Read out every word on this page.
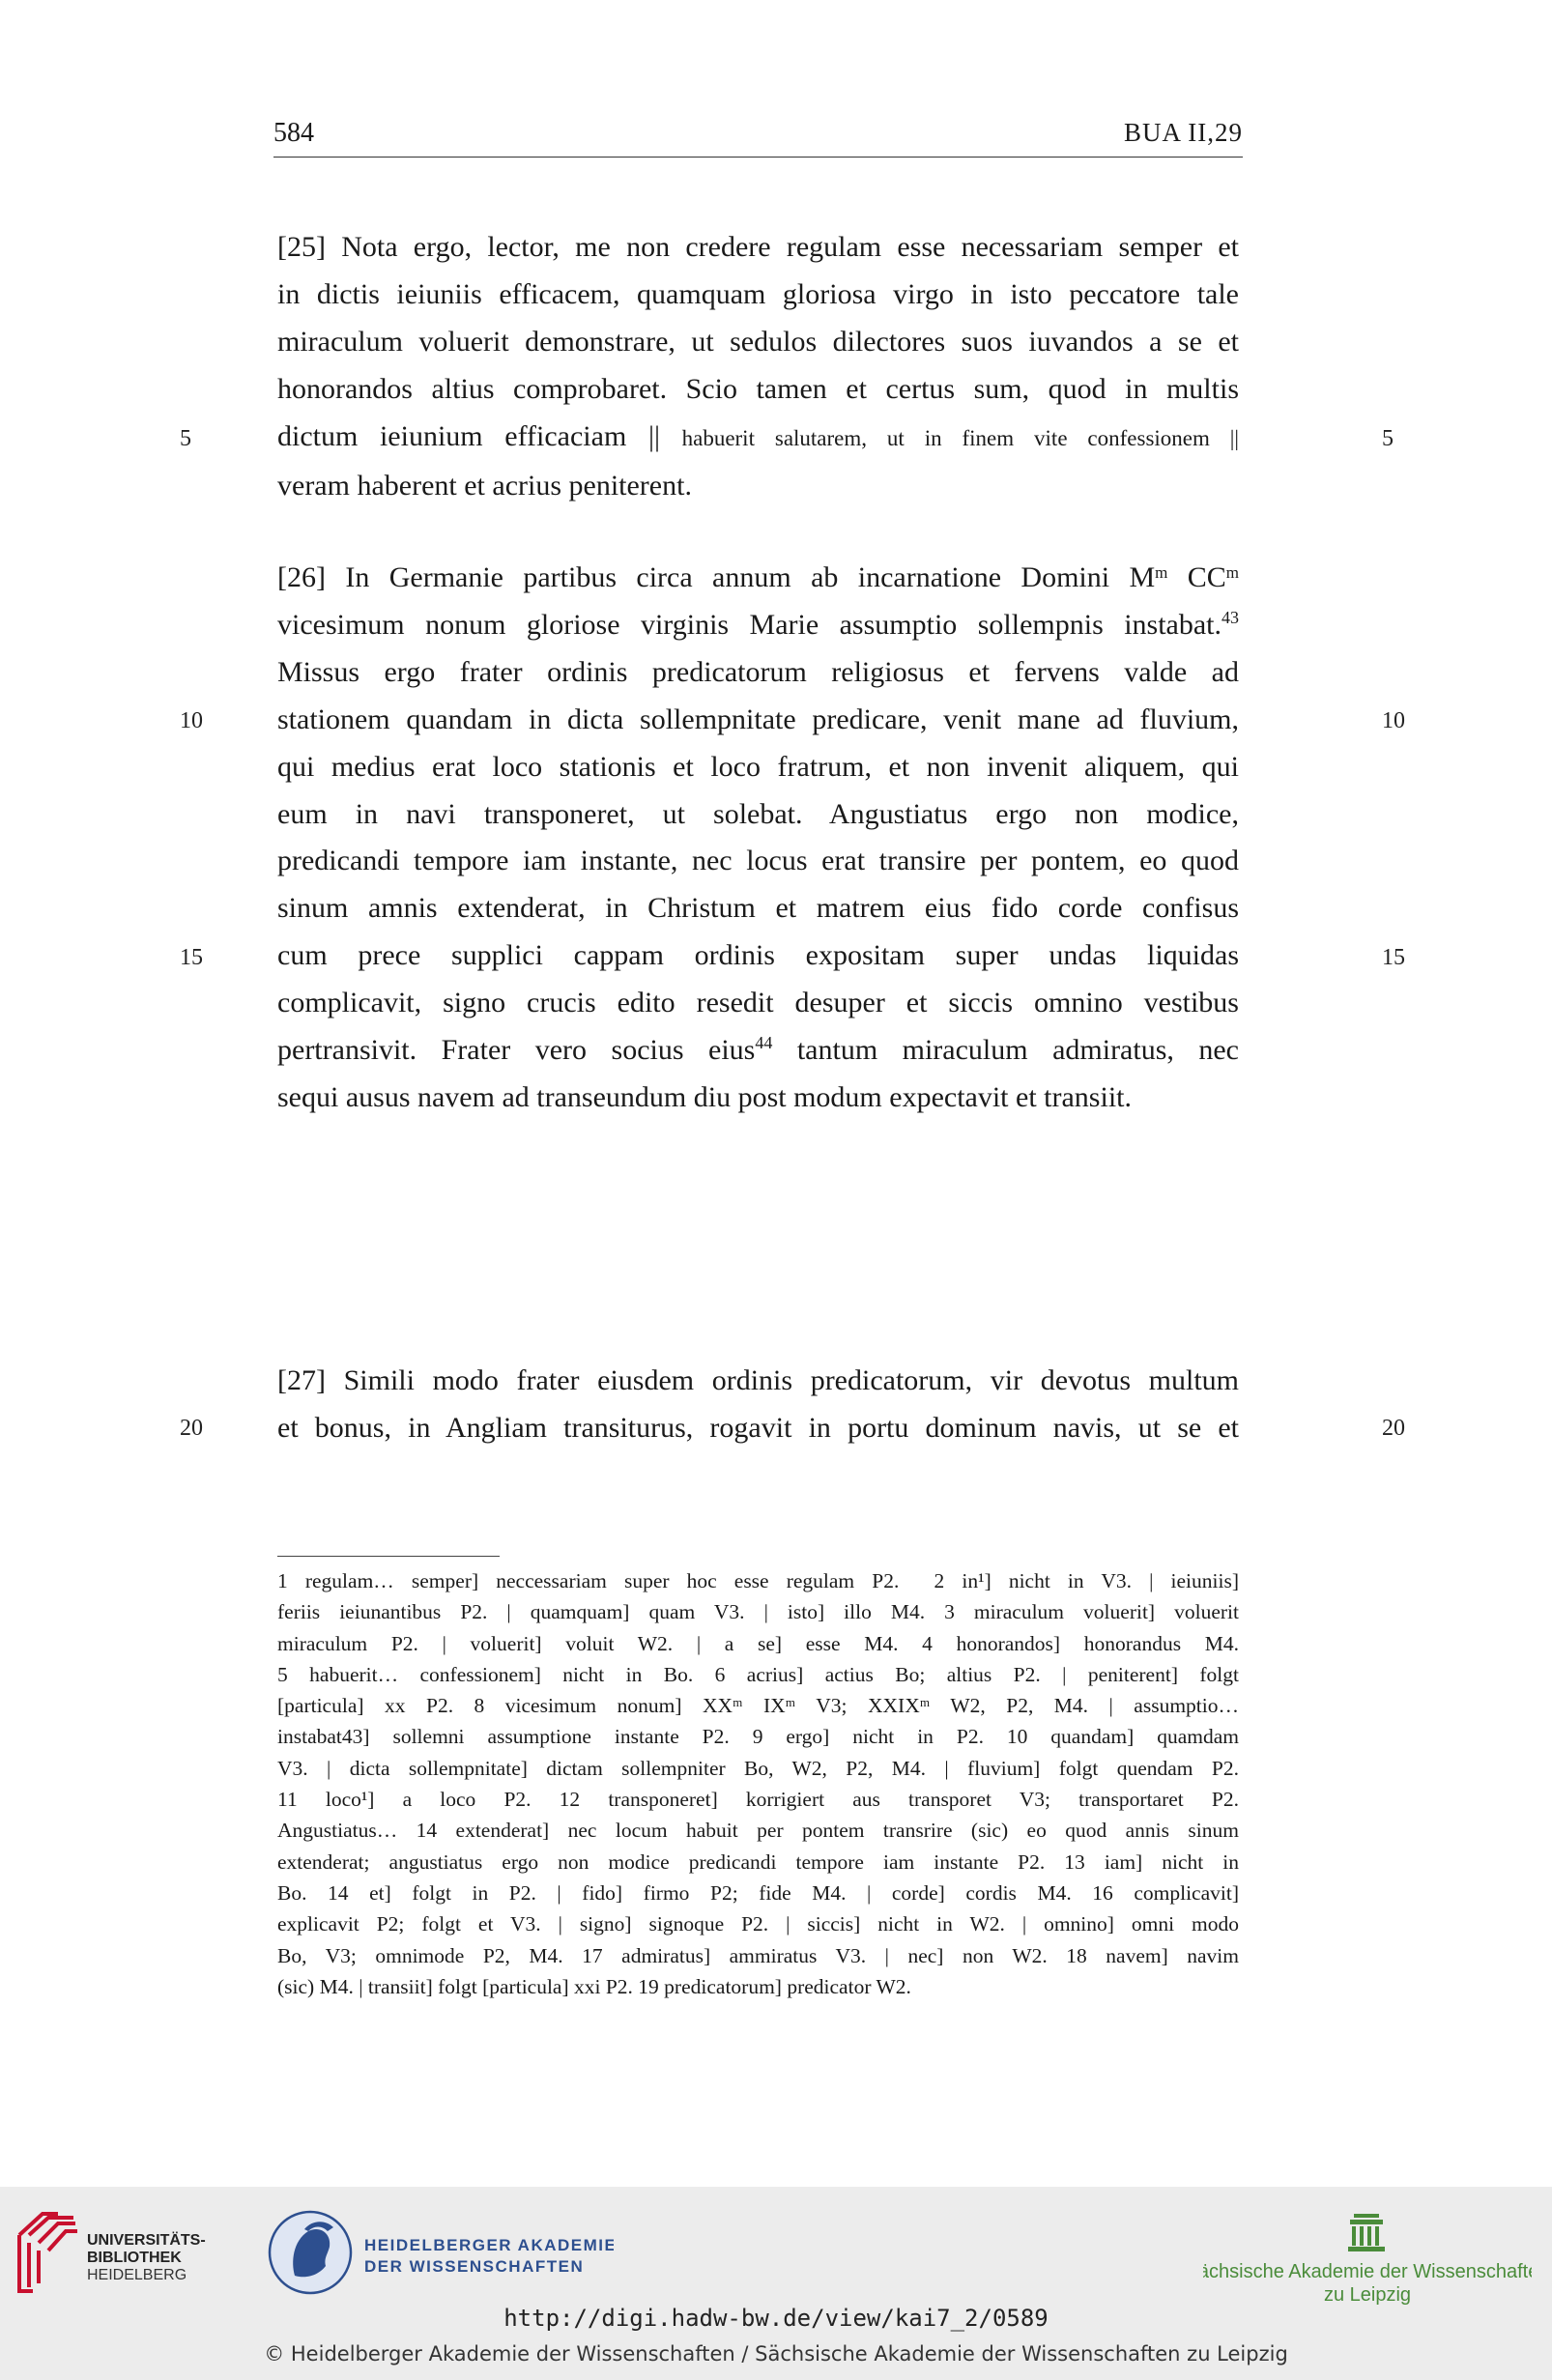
584	BUA II,29
[25] Nota ergo, lector, me non credere regulam esse necessariam semper et
in dictis ieiuniis efficacem, quamquam gloriosa virgo in isto peccatore tale
miraculum voluerit demonstrare, ut sedulos dilectores suos iuvandos a se et
honorandos altius comprobaret. Scio tamen et certus sum, quod in multis
dictum ieiunium efficaciam || habuerit salutarem, ut in finem vite confessionem ||
veram haberent et acrius peniterent.
[26] In Germanie partibus circa annum ab incarnatione Domini $M^m$ $CC^m$
vicesimum nonum gloriose virginis Marie assumptio sollempnis instabat.$^{43}$
Missus ergo frater ordinis predicatorum religiosus et fervens valde ad
stationem quandam in dicta sollempnitate predicare, venit mane ad fluvium,
qui medius erat loco stationis et loco fratrum, et non invenit aliquem, qui
eum in navi transponeret, ut solebat. Angustiatus ergo non modice,
predicandi tempore iam instante, nec locus erat transire per pontem, eo quod
sinum amnis extenderat, in Christum et matrem eius fido corde confisus
cum prece supplici cappam ordinis expositam super undas liquidas
complicavit, signo crucis edito resedit desuper et siccis omnino vestibus
pertransivit. Frater vero socius eius$^{44}$ tantum miraculum admiratus, nec
sequi ausus navem ad transeundum diu post modum expectavit et transiit.
[27] Simili modo frater eiusdem ordinis predicatorum, vir devotus multum
et bonus, in Angliam transiturus, rogavit in portu dominum navis, ut se et
5	5
10	10
15	15
20	20
1 regulam… semper] neccessariam super hoc esse regulam P2. 2 in¹] nicht in V3. | ieiuniis]
feriis ieiunantibus P2. | quamquam] quam V3. | isto] illo M4. 3 miraculum voluerit] voluerit
miraculum P2. | voluerit] voluit W2. | a se] esse M4. 4 honorandos] honorandus M4.
5 habuerit… confessionem] nicht in Bo. 6 acrius] actius Bo; altius P2. | peniterent] folgt
[particula] xx P2. 8 vicesimum nonum] XXᵐ IXᵐ V3; XXIXᵐ W2, P2, M4. | assumptio…
instabat43] sollemni assumptione instante P2. 9 ergo] nicht in P2. 10 quandam] quamdam
V3. | dicta sollempnitate] dictam sollempniter Bo, W2, P2, M4. | fluvium] folgt quendam P2.
11 loco¹] a loco P2. 12 transponeret] korrigiert aus transporet V3; transportaret P2.
Angustiatus… 14 extenderat] nec locum habuit per pontem transrire (sic) eo quod annis sinum
extenderat; angustiatus ergo non modice predicandi tempore iam instante P2. 13 iam] nicht in
Bo. 14 et] folgt in P2. | fido] firmo P2; fide M4. | corde] cordis M4. 16 complicavit]
explicavit P2; folgt et V3. | signo] signoque P2. | siccis] nicht in W2. | omnino] omni modo
Bo, V3; omnimode P2, M4. 17 admiratus] ammiratus V3. | nec] non W2. 18 navem] navim
(sic) M4. | transiit] folgt [particula] xxi P2. 19 predicatorum] predicator W2.
UNIVERSITÄTS-
BIBLIOTHEK
HEIDELBERG
HEIDELBERGER AKADEMIE
DER WISSENSCHAFTEN	Sächsische Akademie der Wissenschaften
zu Leipzig
http://digi.hadw-bw.de/view/kai7_2/0589
© Heidelberger Akademie der Wissenschaften / Sächsische Akademie der Wissenschaften zu Leipzig
